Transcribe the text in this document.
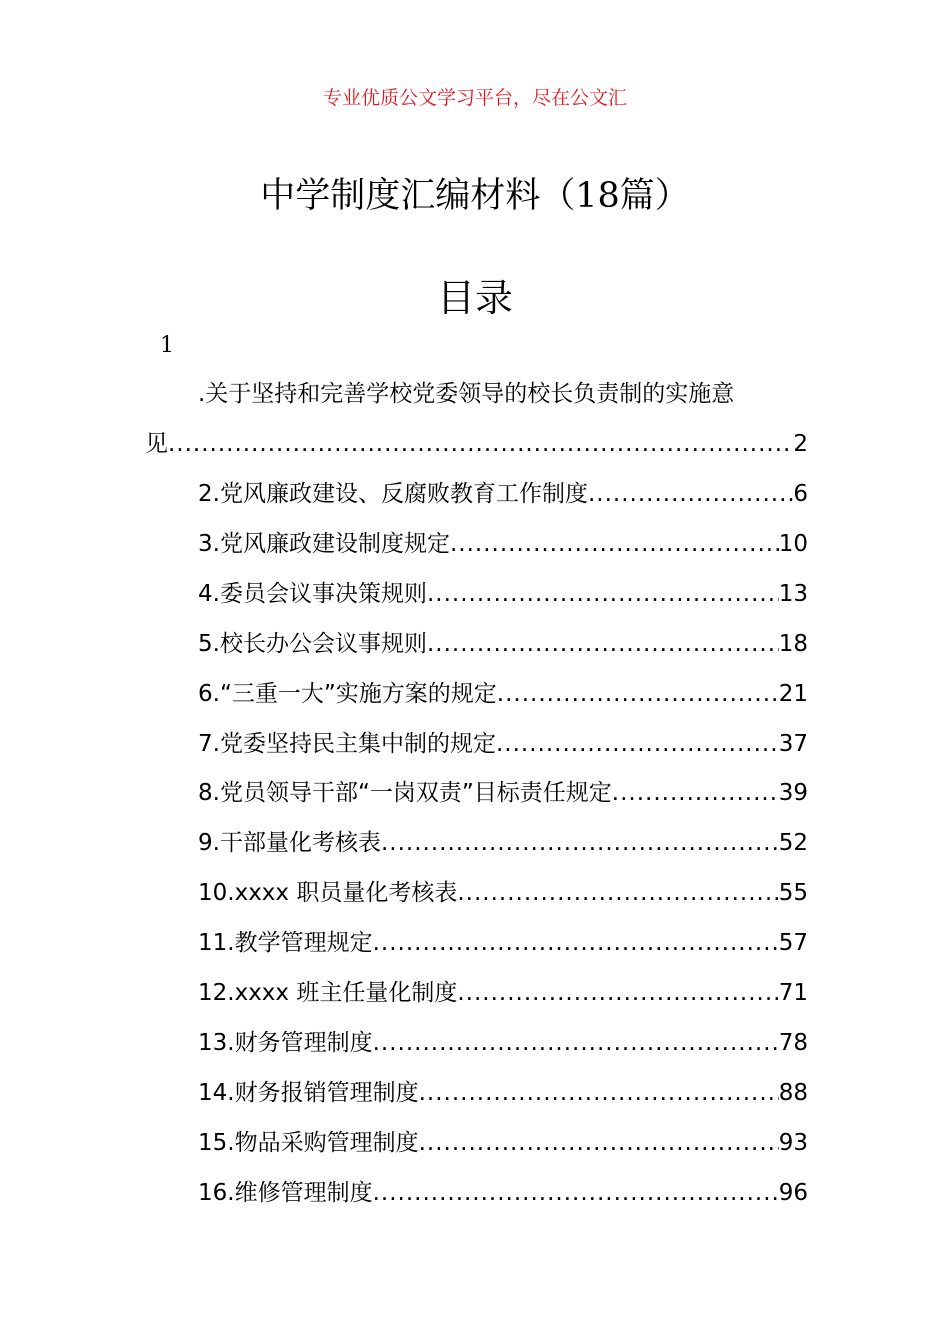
专业优质公文学习平台，尽在公文汇
中学制度汇编材料（18篇）
目录
1
.关于坚持和完善学校党委领导的校长负责制的实施意
见 .....	2
2.党风廉政建设、反腐败教育工作制度 .....	6
3.党风廉政建设制度规定 .....	10
4.委员会议事决策规则 .....	13
5.校长办公会议事规则 .....	18
6.“三重一大”实施方案的规定 .....	21
7.党委坚持民主集中制的规定 .....	37
8.党员领导干部“一岗双责”目标责任规定 .....	39
9.干部量化考核表 .....	52
10.xxxx 职员量化考核表 .....	55
11.教学管理规定 .....	57
12.xxxx 班主任量化制度 .....	71
13.财务管理制度 .....	78
14.财务报销管理制度 .....	88
15.物品采购管理制度 .....	93
16.维修管理制度 .....	96
